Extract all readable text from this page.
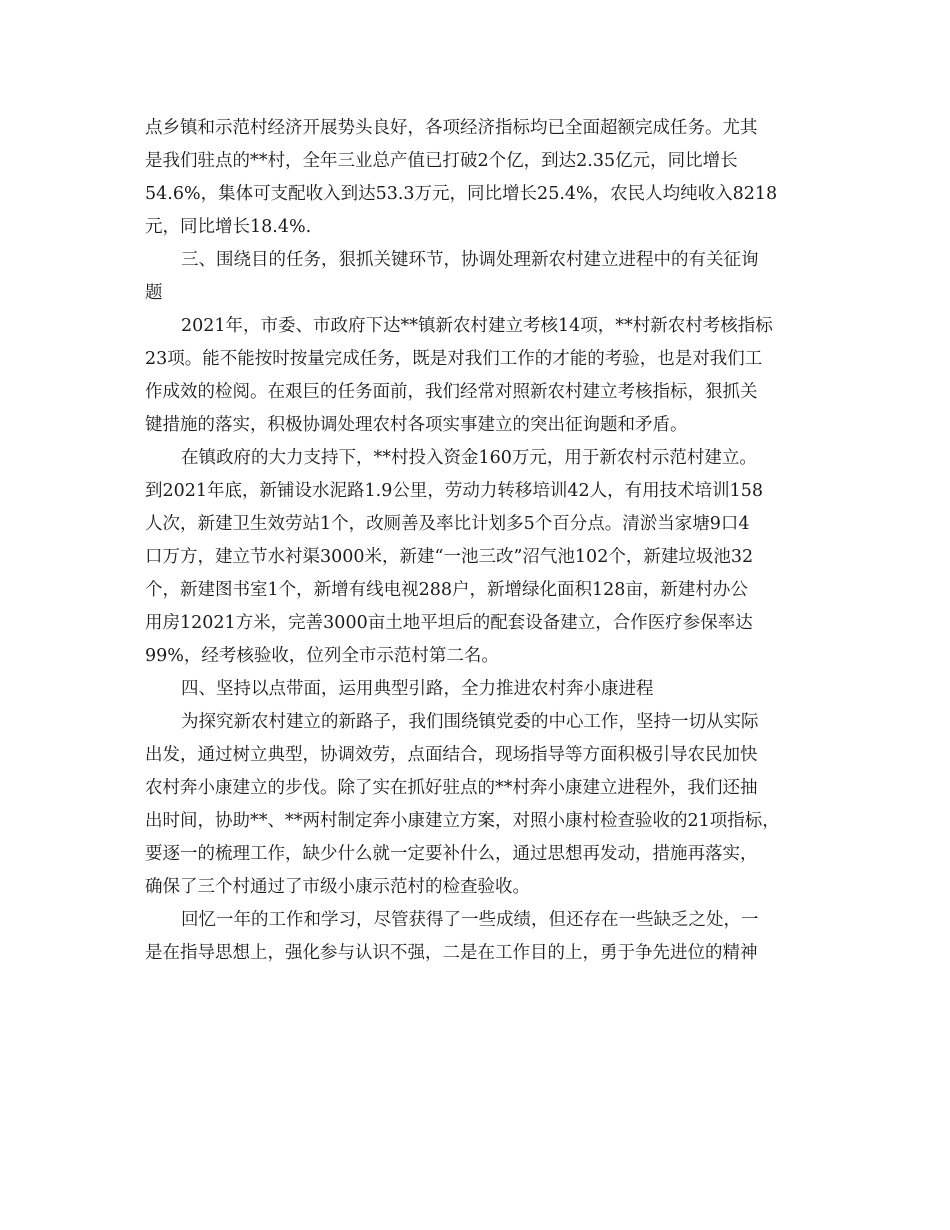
点乡镇和示范村经济开展势头良好，各项经济指标均已全面超额完成任务。尤其
是我们驻点的**村，全年三业总产值已打破2个亿，到达2.35亿元，同比增长
54.6%，集体可支配收入到达53.3万元，同比增长25.4%，农民人均纯收入8218
元，同比增长18.4%.
三、围绕目的任务，狠抓关键环节，协调处理新农村建立进程中的有关征询
题
2021年，市委、市政府下达**镇新农村建立考核14项，**村新农村考核指标
23项。能不能按时按量完成任务，既是对我们工作的才能的考验，也是对我们工
作成效的检阅。在艰巨的任务面前，我们经常对照新农村建立考核指标，狠抓关
键措施的落实，积极协调处理农村各项实事建立的突出征询题和矛盾。
在镇政府的大力支持下，**村投入资金160万元，用于新农村示范村建立。
到2021年底，新铺设水泥路1.9公里，劳动力转移培训42人，有用技术培训158
人次，新建卫生效劳站1个，改厕善及率比计划多5个百分点。清淤当家塘9口4
口万方，建立节水衬渠3000米，新建“一池三改”沼气池102个，新建垃圾池32
个，新建图书室1个，新增有线电视288户，新增绿化面积128亩，新建村办公
用房12021方米，完善3000亩土地平坦后的配套设备建立，合作医疗参保率达
99%，经考核验收，位列全市示范村第二名。
四、坚持以点带面，运用典型引路，全力推进农村奔小康进程
为探究新农村建立的新路子，我们围绕镇党委的中心工作，坚持一切从实际
出发，通过树立典型，协调效劳，点面结合，现场指导等方面积极引导农民加快
农村奔小康建立的步伐。除了实在抓好驻点的**村奔小康建立进程外，我们还抽
出时间，协助**、**两村制定奔小康建立方案，对照小康村检查验收的21项指标，
要逐一的梳理工作，缺少什么就一定要补什么，通过思想再发动，措施再落实，
确保了三个村通过了市级小康示范村的检查验收。
回忆一年的工作和学习，尽管获得了一些成绩，但还存在一些缺乏之处，一
是在指导思想上，强化参与认识不强，二是在工作目的上，勇于争先进位的精神
